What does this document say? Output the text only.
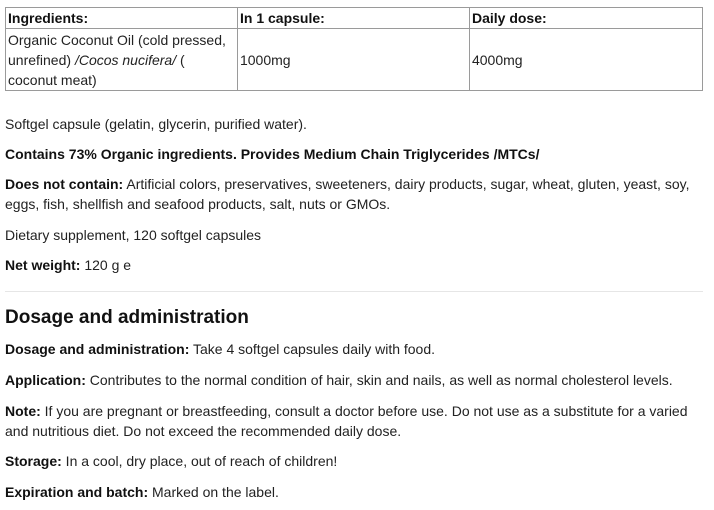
Ingredients:	In 1 capsule:	Daily dose:
Organic Coconut Oil (cold pressed, unrefined) /Cocos nucifera/ ( coconut meat)	1000mg	4000mg

Softgel capsule (gelatin, glycerin, purified water).

Contains 73% Organic ingredients. Provides Medium Chain Triglycerides /MTCs/

Does not contain: Artificial colors, preservatives, sweeteners, dairy products, sugar, wheat, gluten, yeast, soy, eggs, fish, shellfish and seafood products, salt, nuts or GMOs.

Dietary supplement, 120 softgel capsules

Net weight: 120 g e

Dosage and administration

Dosage and administration: Take 4 softgel capsules daily with food.

Application: Contributes to the normal condition of hair, skin and nails, as well as normal cholesterol levels.

Note: If you are pregnant or breastfeeding, consult a doctor before use. Do not use as a substitute for a varied and nutritious diet. Do not exceed the recommended daily dose.

Storage: In a cool, dry place, out of reach of children!

Expiration and batch: Marked on the label.
